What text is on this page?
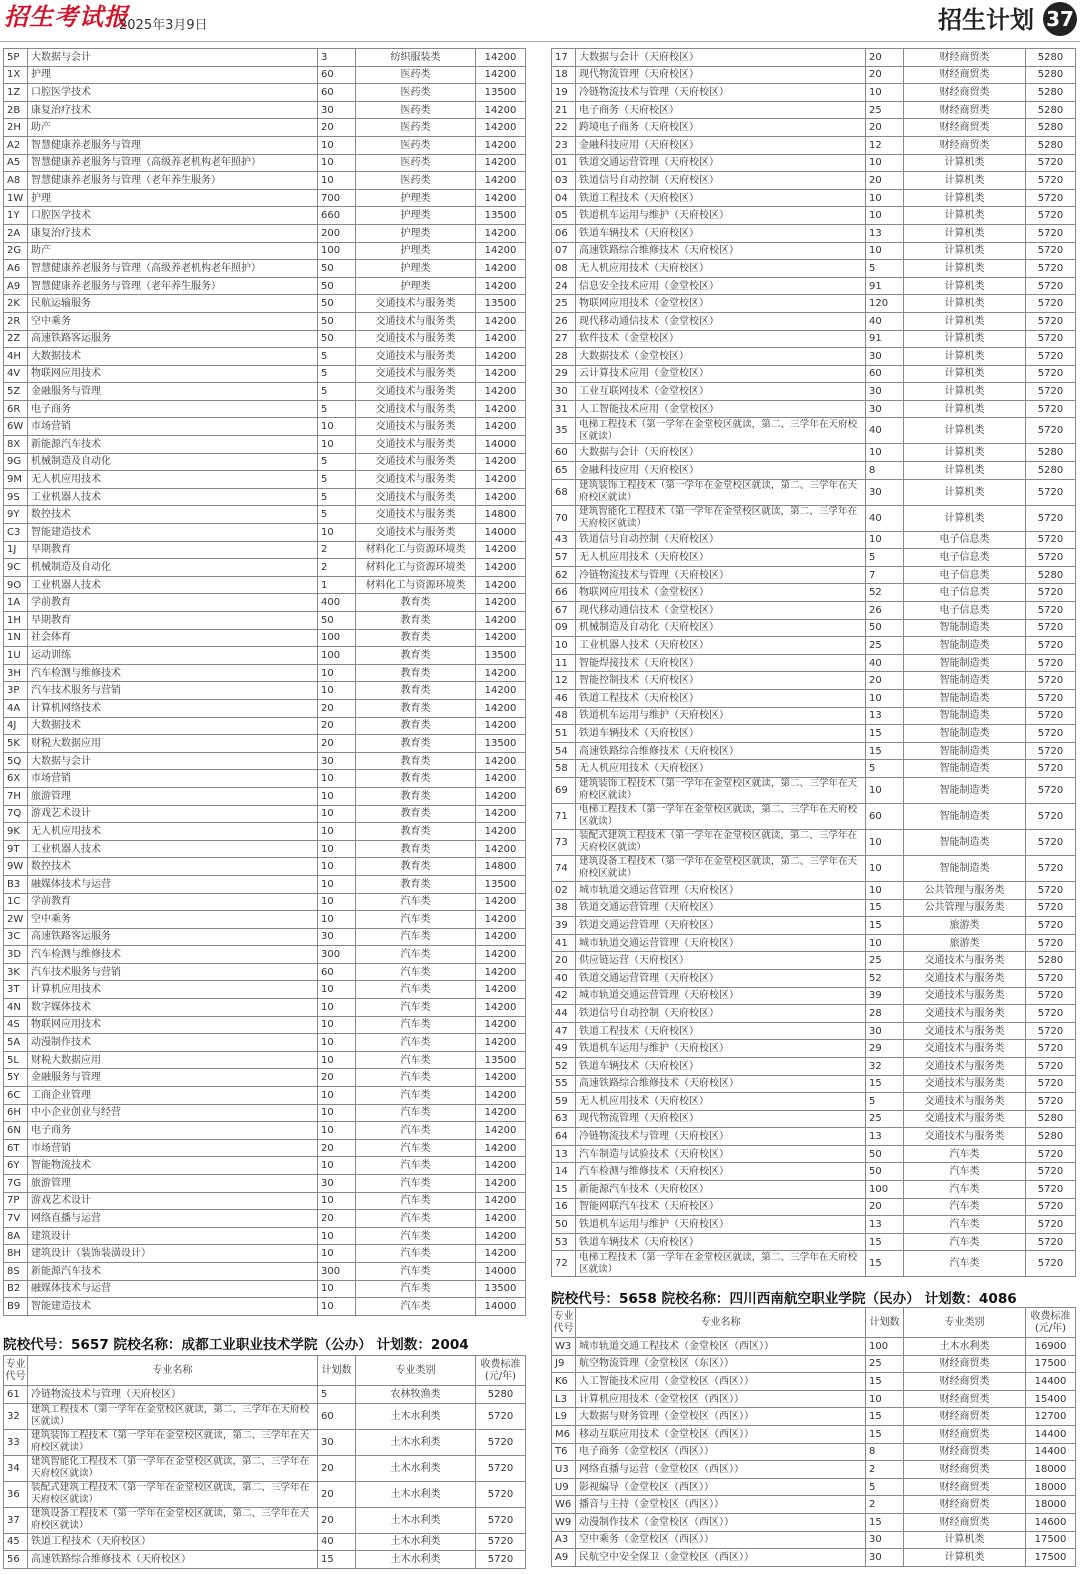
招生考试报
2025年3月9日	招生计划 37
5P	大数据与会计	3	纺织服装类	14200
1X	护理	60	医药类	14200
1Z	口腔医学技术	60	医药类	13500
2B	康复治疗技术	30	医药类	14200
2H	助产	20	医药类	14200
A2	智慧健康养老服务与管理	10	医药类	14200
A5	智慧健康养老服务与管理（高级养老机构老年照护）	10	医药类	14200
A8	智慧健康养老服务与管理（老年养生服务）	10	医药类	14200
1W	护理	700	护理类	14200
1Y	口腔医学技术	660	护理类	13500
2A	康复治疗技术	200	护理类	14200
2G	助产	100	护理类	14200
A6	智慧健康养老服务与管理（高级养老机构老年照护）	50	护理类	14200
A9	智慧健康养老服务与管理（老年养生服务）	50	护理类	14200
2K	民航运输服务	50	交通技术与服务类	13500
2R	空中乘务	50	交通技术与服务类	14200
2Z	高速铁路客运服务	50	交通技术与服务类	14200
4H	大数据技术	5	交通技术与服务类	14200
4V	物联网应用技术	5	交通技术与服务类	14200
5Z	金融服务与管理	5	交通技术与服务类	14200
6R	电子商务	5	交通技术与服务类	14200
6W	市场营销	10	交通技术与服务类	14200
8X	新能源汽车技术	10	交通技术与服务类	14000
9G	机械制造及自动化	5	交通技术与服务类	14200
9M	无人机应用技术	5	交通技术与服务类	14200
9S	工业机器人技术	5	交通技术与服务类	14200
9Y	数控技术	5	交通技术与服务类	14800
C3	智能建造技术	10	交通技术与服务类	14000
1J	早期教育	2	材料化工与资源环境类	14200
9C	机械制造及自动化	2	材料化工与资源环境类	14200
9O	工业机器人技术	1	材料化工与资源环境类	14200
1A	学前教育	400	教育类	14200
1H	早期教育	50	教育类	14200
1N	社会体育	100	教育类	14200
1U	运动训练	100	教育类	13500
3H	汽车检测与维修技术	10	教育类	14200
3P	汽车技术服务与营销	10	教育类	14200
4A	计算机网络技术	20	教育类	14200
4J	大数据技术	20	教育类	14200
5K	财税大数据应用	20	教育类	13500
5Q	大数据与会计	30	教育类	14200
6X	市场营销	10	教育类	14200
7H	旅游管理	10	教育类	14200
7Q	游戏艺术设计	10	教育类	14200
9K	无人机应用技术	10	教育类	14200
9T	工业机器人技术	10	教育类	14200
9W	数控技术	10	教育类	14800
B3	融媒体技术与运营	10	教育类	13500
1C	学前教育	10	汽车类	14200
2W	空中乘务	10	汽车类	14200
3C	高速铁路客运服务	30	汽车类	14200
3D	汽车检测与维修技术	300	汽车类	14200
3K	汽车技术服务与营销	60	汽车类	14200
3T	计算机应用技术	10	汽车类	14200
4N	数字媒体技术	10	汽车类	14200
4S	物联网应用技术	10	汽车类	14200
5A	动漫制作技术	10	汽车类	14200
5L	财税大数据应用	10	汽车类	13500
5Y	金融服务与管理	20	汽车类	14200
6C	工商企业管理	10	汽车类	14200
6H	中小企业创业与经营	10	汽车类	14200
6N	电子商务	10	汽车类	14200
6T	市场营销	20	汽车类	14200
6Y	智能物流技术	10	汽车类	14200
7G	旅游管理	30	汽车类	14200
7P	游戏艺术设计	10	汽车类	14200
7V	网络直播与运营	20	汽车类	14200
8A	建筑设计	10	汽车类	14200
8H	建筑设计（装饰装潢设计）	10	汽车类	14200
8S	新能源汽车技术	300	汽车类	14000
B2	融媒体技术与运营	10	汽车类	13500
B9	智能建造技术	10	汽车类	14000
院校代号：5657 院校名称：成都工业职业技术学院（公办） 计划数：2004
专业代号	专业名称	计划数	专业类别	收费标准(元/年)
61	冷链物流技术与管理（天府校区）	5	农林牧渔类	5280
32	建筑工程技术（第一学年在金堂校区就读，第二、三学年在天府校区就读）	60	土木水利类	5720
33	建筑装饰工程技术（第一学年在金堂校区就读，第二、三学年在天府校区就读）	30	土木水利类	5720
34	建筑智能化工程技术（第一学年在金堂校区就读，第二、三学年在天府校区就读）	20	土木水利类	5720
36	装配式建筑工程技术（第一学年在金堂校区就读，第二、三学年在天府校区就读）	20	土木水利类	5720
37	建筑设备工程技术（第一学年在金堂校区就读，第二、三学年在天府校区就读）	20	土木水利类	5720
45	铁道工程技术（天府校区）	40	土木水利类	5720
56	高速铁路综合维修技术（天府校区）	15	土木水利类	5720
17	大数据与会计（天府校区）	20	财经商贸类	5280
18	现代物流管理（天府校区）	20	财经商贸类	5280
19	冷链物流技术与管理（天府校区）	10	财经商贸类	5280
21	电子商务（天府校区）	25	财经商贸类	5280
22	跨境电子商务（天府校区）	20	财经商贸类	5280
23	金融科技应用（天府校区）	12	财经商贸类	5280
01	铁道交通运营管理（天府校区）	10	计算机类	5720
03	铁道信号自动控制（天府校区）	20	计算机类	5720
04	铁道工程技术（天府校区）	10	计算机类	5720
05	铁道机车运用与维护（天府校区）	10	计算机类	5720
06	铁道车辆技术（天府校区）	13	计算机类	5720
07	高速铁路综合维修技术（天府校区）	10	计算机类	5720
08	无人机应用技术（天府校区）	5	计算机类	5720
24	信息安全技术应用（金堂校区）	91	计算机类	5720
25	物联网应用技术（金堂校区）	120	计算机类	5720
26	现代移动通信技术（金堂校区）	40	计算机类	5720
27	软件技术（金堂校区）	91	计算机类	5720
28	大数据技术（金堂校区）	30	计算机类	5720
29	云计算技术应用（金堂校区）	60	计算机类	5720
30	工业互联网技术（金堂校区）	30	计算机类	5720
31	人工智能技术应用（金堂校区）	30	计算机类	5720
35	电梯工程技术（第一学年在金堂校区就读，第二、三学年在天府校区就读）	40	计算机类	5720
60	大数据与会计（天府校区）	10	计算机类	5280
65	金融科技应用（天府校区）	8	计算机类	5280
68	建筑装饰工程技术（第一学年在金堂校区就读，第二、三学年在天府校区就读）	30	计算机类	5720
70	建筑智能化工程技术（第一学年在金堂校区就读，第二、三学年在天府校区就读）	40	计算机类	5720
43	铁道信号自动控制（天府校区）	10	电子信息类	5720
57	无人机应用技术（天府校区）	5	电子信息类	5720
62	冷链物流技术与管理（天府校区）	7	电子信息类	5280
66	物联网应用技术（金堂校区）	52	电子信息类	5720
67	现代移动通信技术（金堂校区）	26	电子信息类	5720
09	机械制造及自动化（天府校区）	50	智能制造类	5720
10	工业机器人技术（天府校区）	25	智能制造类	5720
11	智能焊接技术（天府校区）	40	智能制造类	5720
12	智能控制技术（天府校区）	20	智能制造类	5720
46	铁道工程技术（天府校区）	10	智能制造类	5720
48	铁道机车运用与维护（天府校区）	13	智能制造类	5720
51	铁道车辆技术（天府校区）	15	智能制造类	5720
54	高速铁路综合维修技术（天府校区）	15	智能制造类	5720
58	无人机应用技术（天府校区）	5	智能制造类	5720
69	建筑装饰工程技术（第一学年在金堂校区就读，第二、三学年在天府校区就读）	10	智能制造类	5720
71	电梯工程技术（第一学年在金堂校区就读，第二、三学年在天府校区就读）	60	智能制造类	5720
73	装配式建筑工程技术（第一学年在金堂校区就读，第二、三学年在天府校区就读）	10	智能制造类	5720
74	建筑设备工程技术（第一学年在金堂校区就读，第二、三学年在天府校区就读）	10	智能制造类	5720
02	城市轨道交通运营管理（天府校区）	10	公共管理与服务类	5720
38	铁道交通运营管理（天府校区）	15	公共管理与服务类	5720
39	铁道交通运营管理（天府校区）	15	旅游类	5720
41	城市轨道交通运营管理（天府校区）	10	旅游类	5720
20	供应链运营（天府校区）	25	交通技术与服务类	5280
40	铁道交通运营管理（天府校区）	52	交通技术与服务类	5720
42	城市轨道交通运营管理（天府校区）	39	交通技术与服务类	5720
44	铁道信号自动控制（天府校区）	28	交通技术与服务类	5720
47	铁道工程技术（天府校区）	30	交通技术与服务类	5720
49	铁道机车运用与维护（天府校区）	29	交通技术与服务类	5720
52	铁道车辆技术（天府校区）	32	交通技术与服务类	5720
55	高速铁路综合维修技术（天府校区）	15	交通技术与服务类	5720
59	无人机应用技术（天府校区）	5	交通技术与服务类	5720
63	现代物流管理（天府校区）	25	交通技术与服务类	5280
64	冷链物流技术与管理（天府校区）	13	交通技术与服务类	5280
13	汽车制造与试验技术（天府校区）	50	汽车类	5720
14	汽车检测与维修技术（天府校区）	50	汽车类	5720
15	新能源汽车技术（天府校区）	100	汽车类	5720
16	智能网联汽车技术（天府校区）	20	汽车类	5720
50	铁道机车运用与维护（天府校区）	13	汽车类	5720
53	铁道车辆技术（天府校区）	15	汽车类	5720
72	电梯工程技术（第一学年在金堂校区就读，第二、三学年在天府校区就读）	15	汽车类	5720
院校代号：5658 院校名称：四川西南航空职业学院（民办） 计划数：4086
专业代号	专业名称	计划数	专业类别	收费标准(元/年)
W3	城市轨道交通工程技术（金堂校区（西区））	100	土木水利类	16900
J9	航空物流管理（金堂校区（东区））	25	财经商贸类	17500
K6	人工智能技术应用（金堂校区（西区））	15	财经商贸类	14400
L3	计算机应用技术（金堂校区（西区））	10	财经商贸类	15400
L9	大数据与财务管理（金堂校区（西区））	15	财经商贸类	12700
M6	移动互联应用技术（金堂校区（西区））	15	财经商贸类	14400
T6	电子商务（金堂校区（西区））	8	财经商贸类	14400
U3	网络直播与运营（金堂校区（西区））	2	财经商贸类	18000
U9	影视编导（金堂校区（西区））	5	财经商贸类	18000
W6	播音与主持（金堂校区（西区））	2	财经商贸类	18000
W9	动漫制作技术（金堂校区（西区））	15	财经商贸类	14600
A3	空中乘务（金堂校区（西区））	30	计算机类	17500
A9	民航空中安全保卫（金堂校区（西区））	30	计算机类	17500
